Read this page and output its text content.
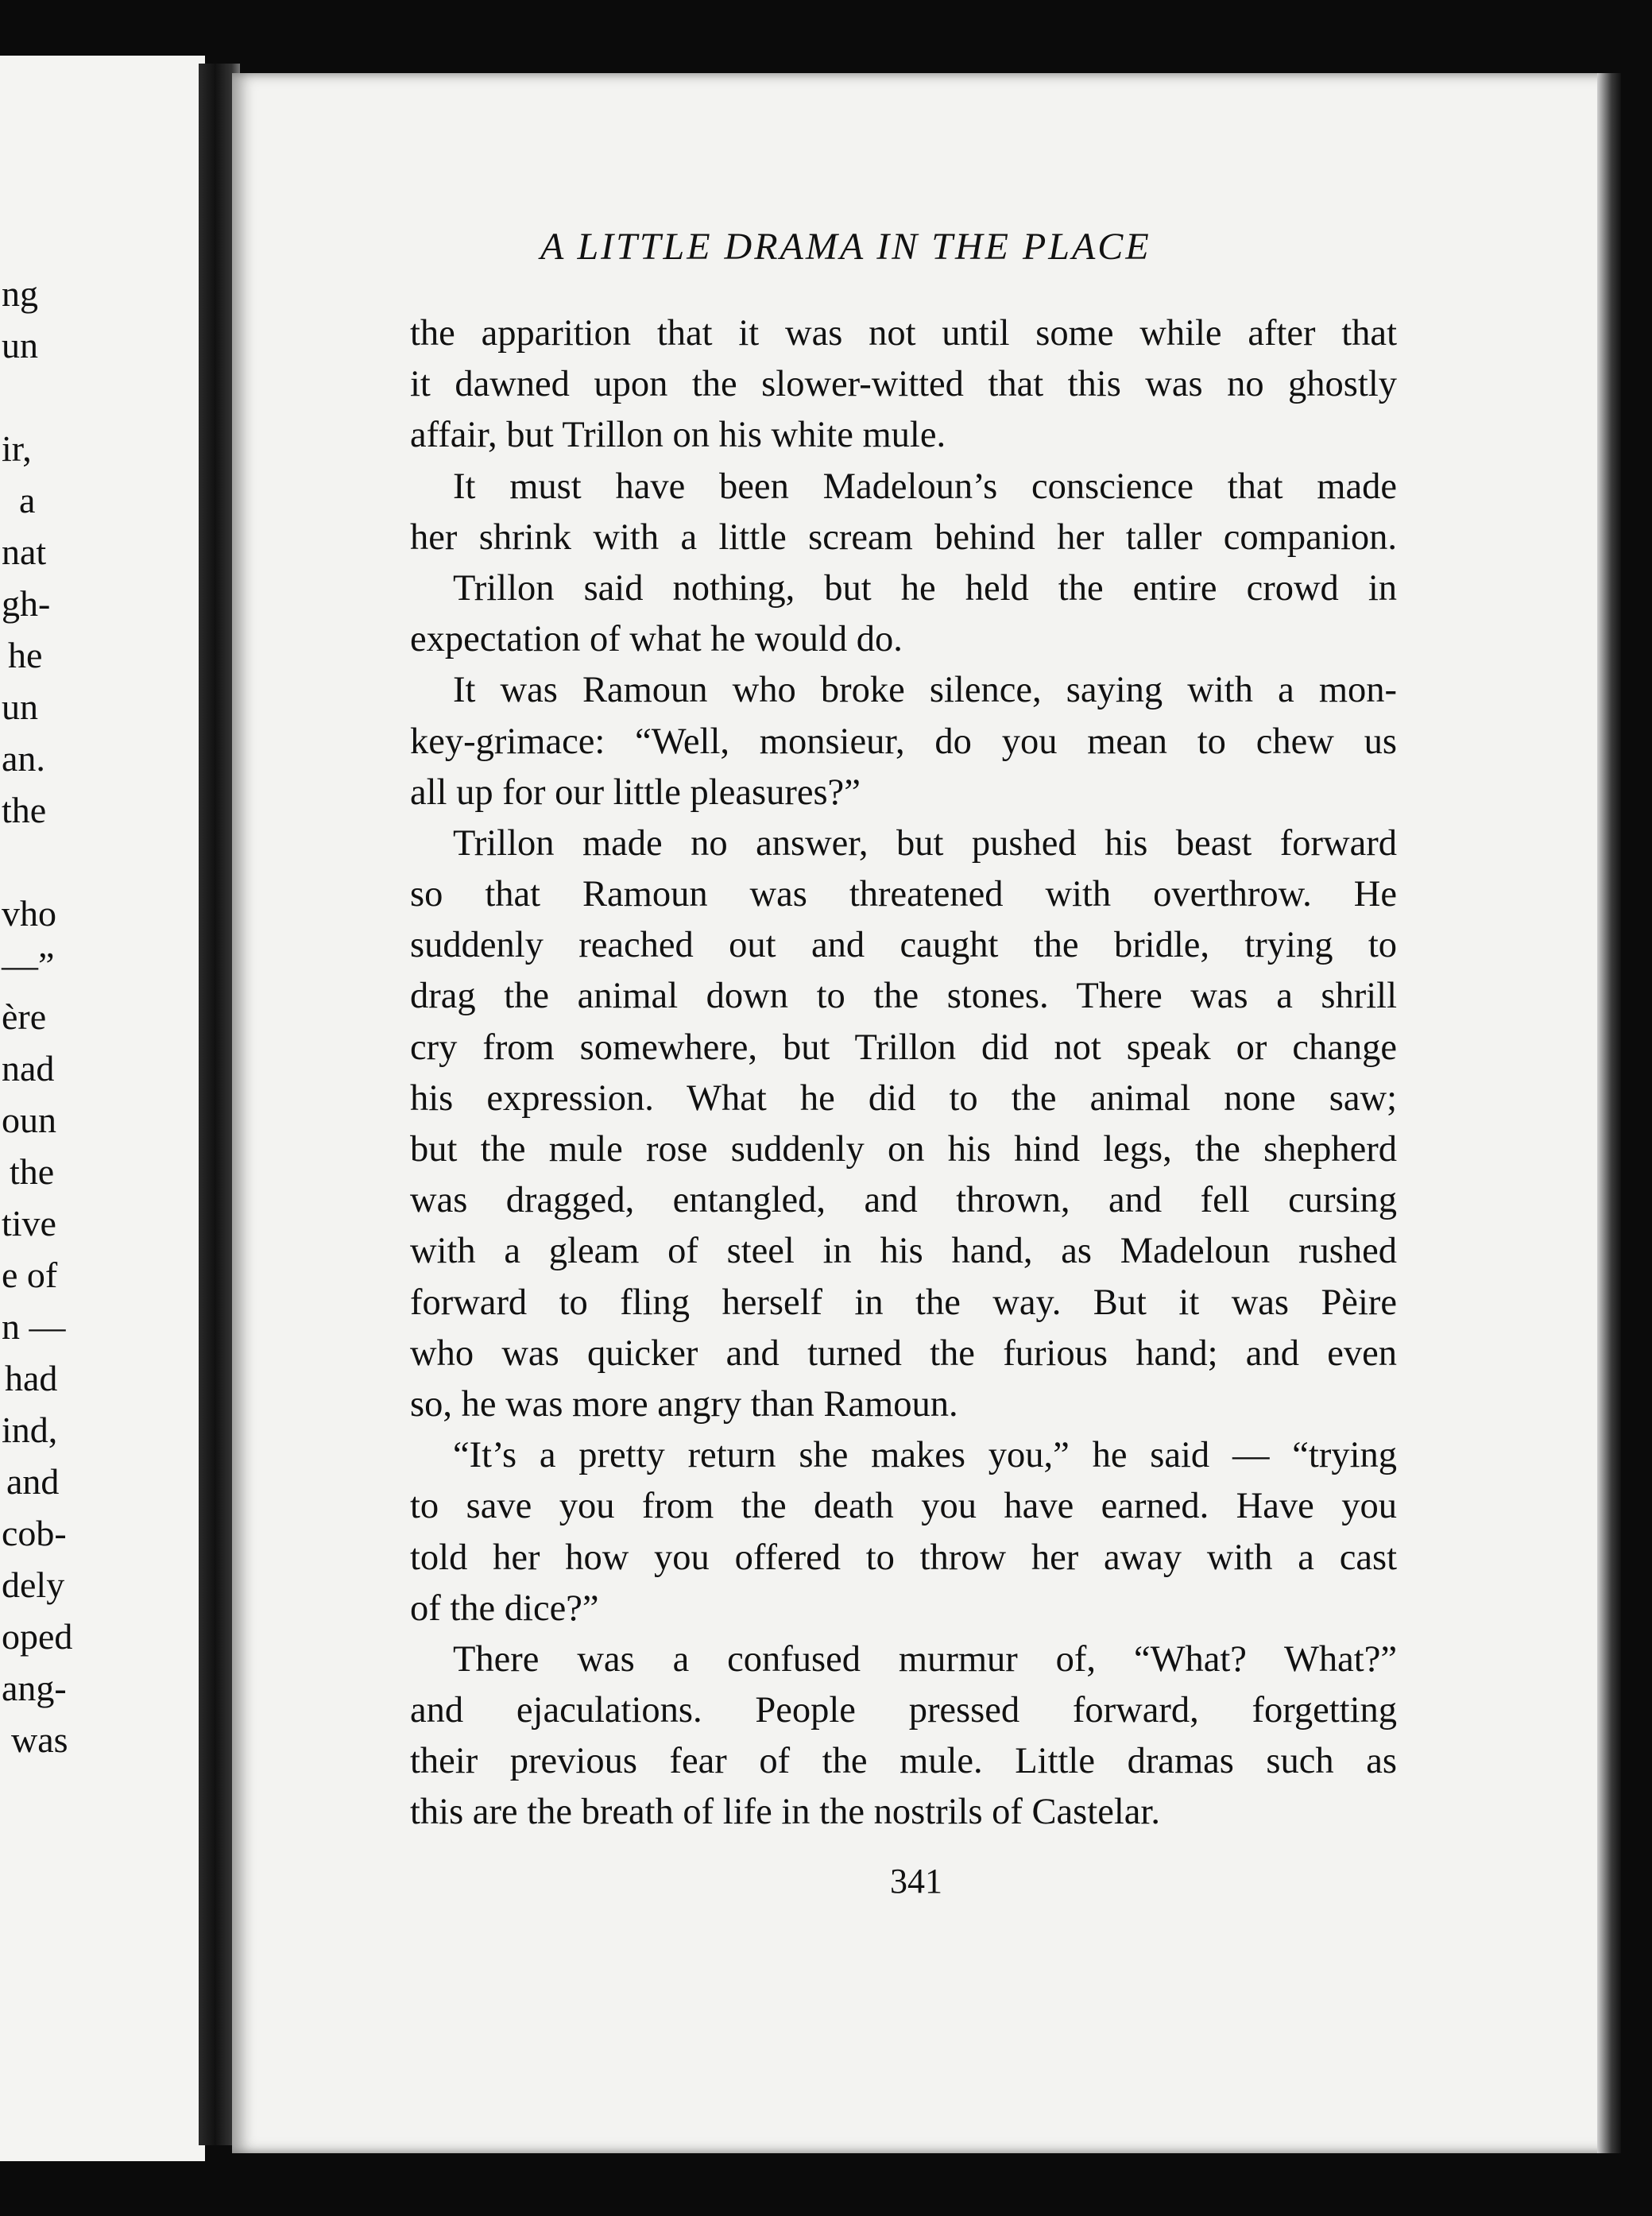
ng
un
ir,
a
nat
gh-
he
un
an.
the
vho
—”
ère
nad
oun
the
tive
e of
n —
had
ind,
and
cob-
dely
oped
ang-
was
A LITTLE DRAMA IN THE PLACE
the apparition that it was not until some while after that
it dawned upon the slower-witted that this was no ghostly
affair, but Trillon on his white mule.
It must have been Madeloun’s conscience that made
her shrink with a little scream behind her taller companion.
Trillon said nothing, but he held the entire crowd in
expectation of what he would do.
It was Ramoun who broke silence, saying with a mon-
key-grimace: “Well, monsieur, do you mean to chew us
all up for our little pleasures?”
Trillon made no answer, but pushed his beast forward
so that Ramoun was threatened with overthrow. He
suddenly reached out and caught the bridle, trying to
drag the animal down to the stones. There was a shrill
cry from somewhere, but Trillon did not speak or change
his expression. What he did to the animal none saw;
but the mule rose suddenly on his hind legs, the shepherd
was dragged, entangled, and thrown, and fell cursing
with a gleam of steel in his hand, as Madeloun rushed
forward to fling herself in the way. But it was Pèire
who was quicker and turned the furious hand; and even
so, he was more angry than Ramoun.
“It’s a pretty return she makes you,” he said — “trying
to save you from the death you have earned. Have you
told her how you offered to throw her away with a cast
of the dice?”
There was a confused murmur of, “What? What?”
and ejaculations. People pressed forward, forgetting
their previous fear of the mule. Little dramas such as
this are the breath of life in the nostrils of Castelar.
341
